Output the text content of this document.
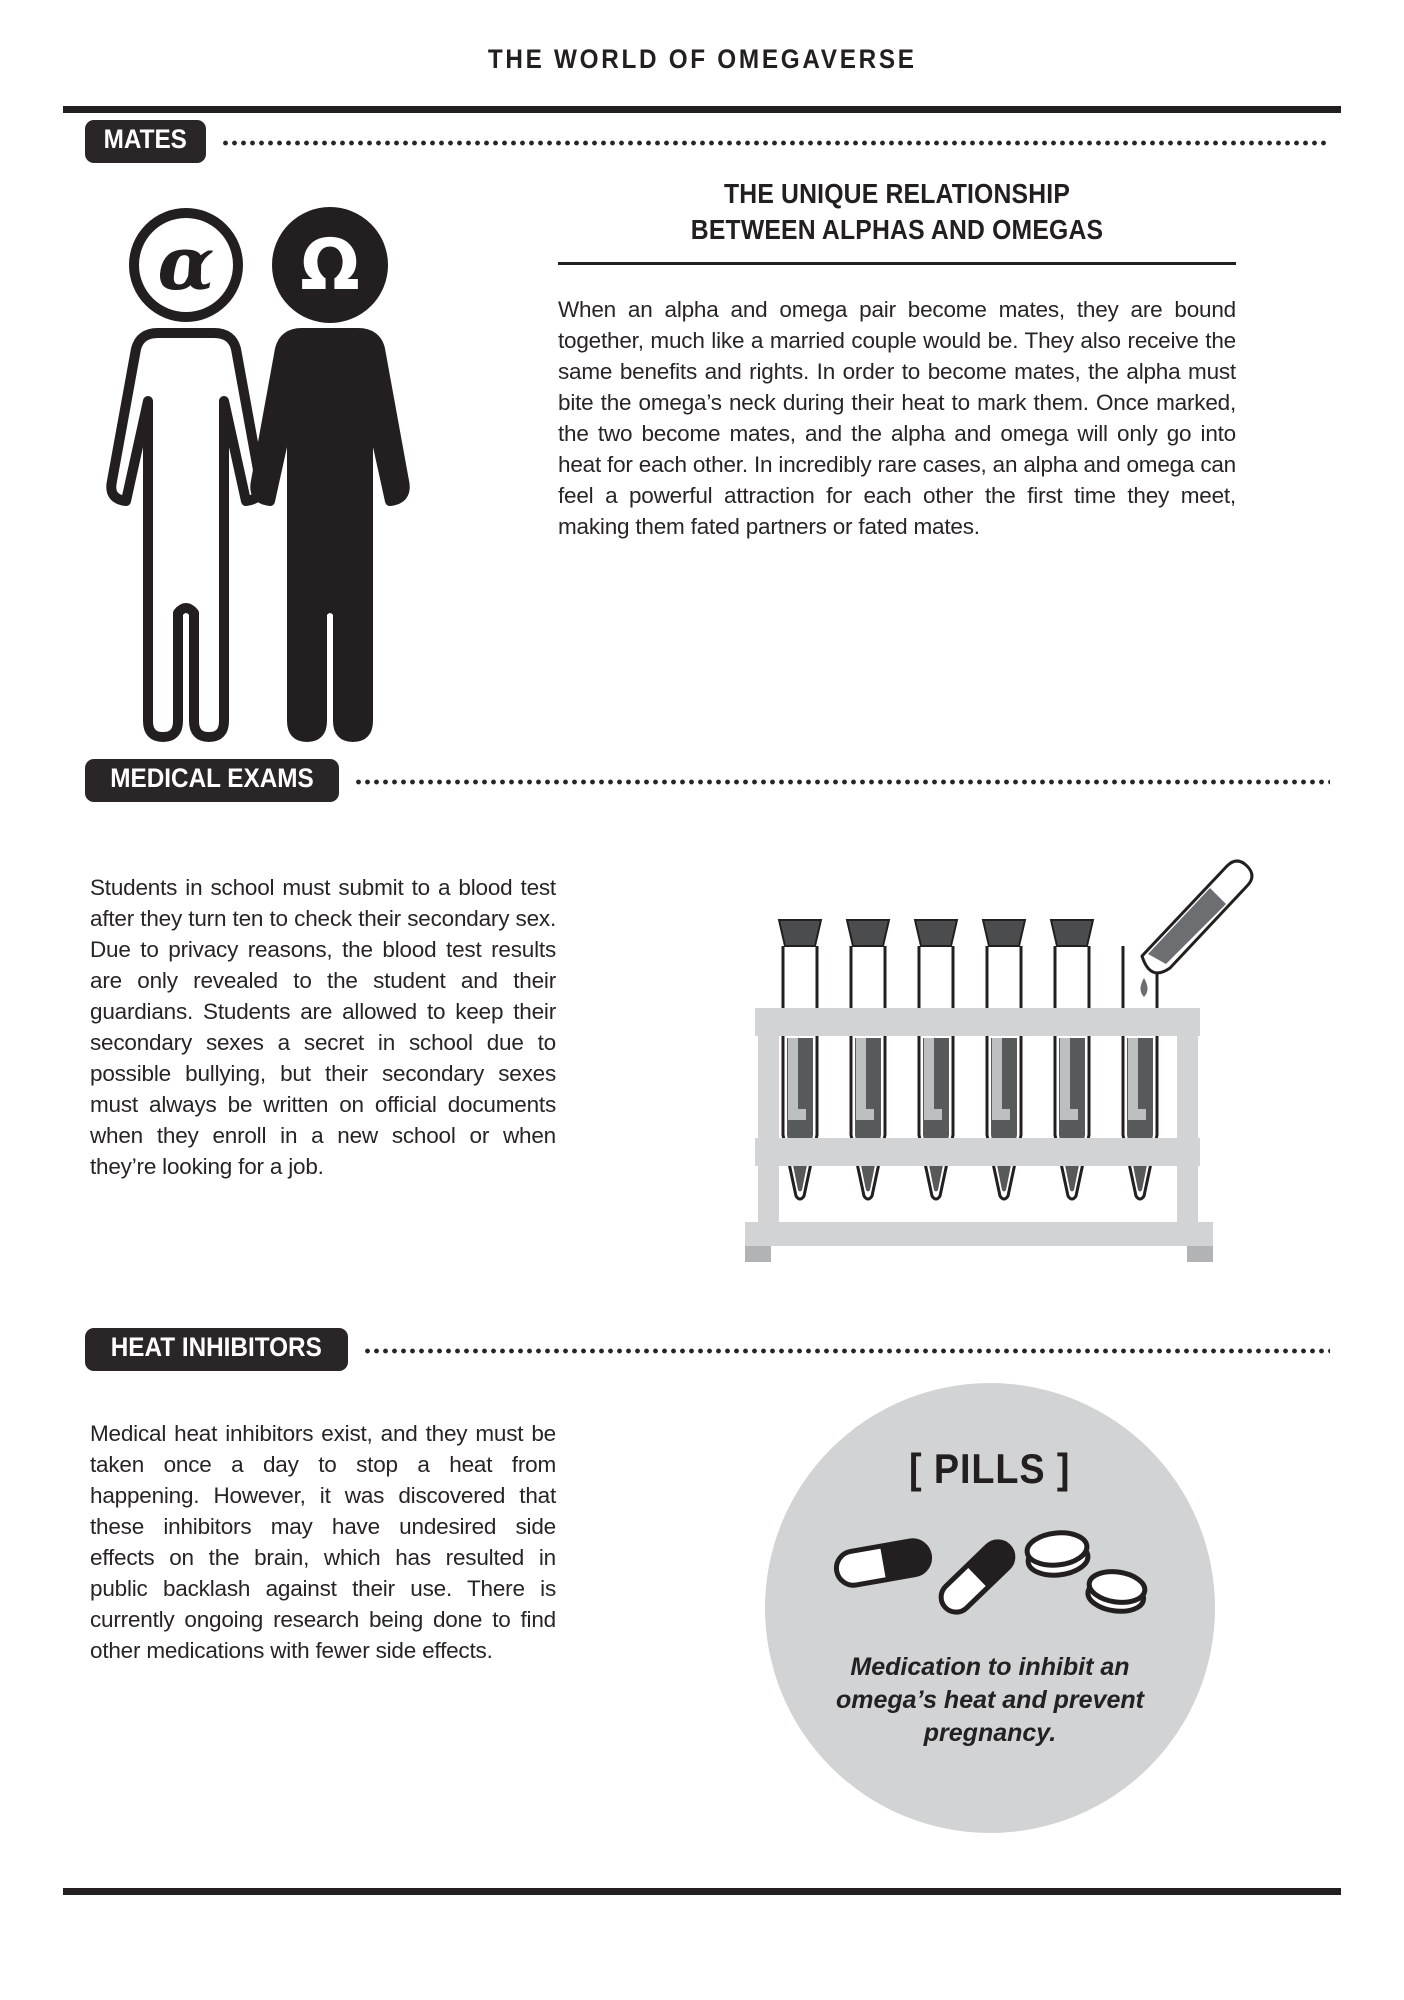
THE WORLD OF OMEGAVERSE
MATES
α Ω
THE UNIQUE RELATIONSHIP
BETWEEN ALPHAS AND OMEGAS

When an alpha and omega pair become mates, they are bound together, much like a married couple would be. They also receive the same benefits and rights. In order to become mates, the alpha must bite the omega’s neck during their heat to mark them. Once marked, the two become mates, and the alpha and omega will only go into heat for each other. In incredibly rare cases, an alpha and omega can feel a powerful attraction for each other the first time they meet, making them fated partners or fated mates.

MEDICAL EXAMS

Students in school must submit to a blood test after they turn ten to check their secondary sex. Due to privacy reasons, the blood test results are only revealed to the student and their guardians. Students are allowed to keep their secondary sexes a secret in school due to possible bullying, but their secondary sexes must always be written on official documents when they enroll in a new school or when they’re looking for a job.

HEAT INHIBITORS

Medical heat inhibitors exist, and they must be taken once a day to stop a heat from happening. However, it was discovered that these inhibitors may have undesired side effects on the brain, which has resulted in public backlash against their use. There is currently ongoing research being done to find other medications with fewer side effects.

[ PILLS ]
Medication to inhibit an omega’s heat and prevent pregnancy.
